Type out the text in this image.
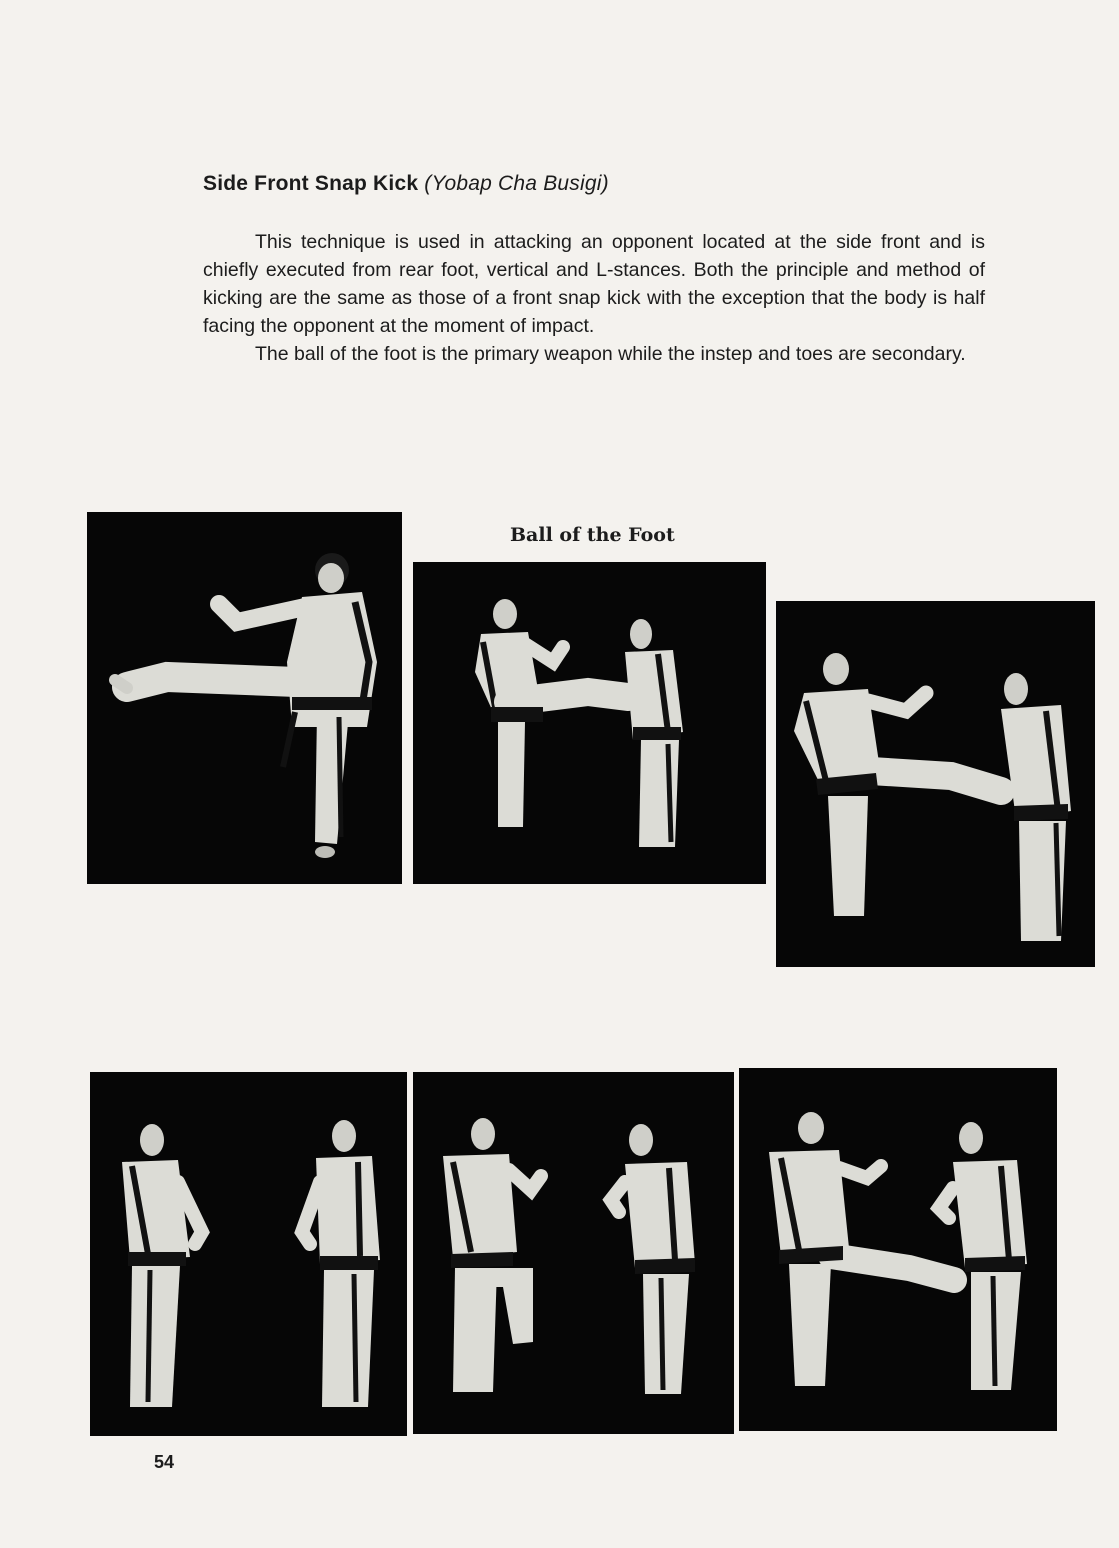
Side Front Snap Kick (Yobap Cha Busigi)

This technique is used in attacking an opponent located at the side front and is chiefly executed from rear foot, vertical and L-stances. Both the principle and method of kicking are the same as those of a front snap kick with the exception that the body is half facing the opponent at the moment of impact.

The ball of the foot is the primary weapon while the instep and toes are secondary.

Ball of the Foot
54
